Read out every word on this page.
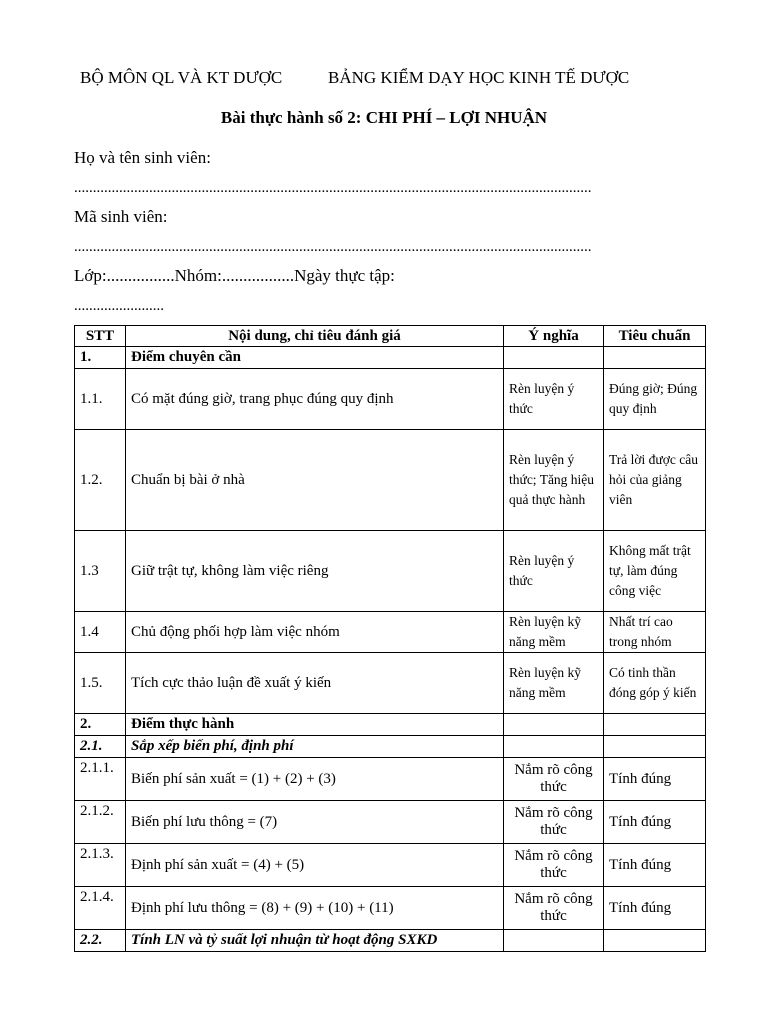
BỘ MÔN QL VÀ KT DƯỢC	BẢNG KIỂM DẠY HỌC KINH TẾ DƯỢC
Bài thực hành số 2: CHI PHÍ – LỢI NHUẬN
Họ và tên sinh viên:
..........................................................................................................................................
Mã sinh viên:
..........................................................................................................................................
Lớp:................Nhóm:.................Ngày thực tập:
........................
STT	Nội dung, chỉ tiêu đánh giá	Ý nghĩa	Tiêu chuẩn
1.	Điểm chuyên cần		
1.1.	Có mặt đúng giờ, trang phục đúng quy định	Rèn luyện ý thức	Đúng giờ; Đúng quy định
1.2.	Chuẩn bị bài ở nhà	Rèn luyện ý thức; Tăng hiệu quả thực hành	Trả lời được câu hỏi của giảng viên
1.3	Giữ trật tự, không làm việc riêng	Rèn luyện ý thức	Không mất trật tự, làm đúng công việc
1.4	Chủ động phối hợp làm việc nhóm	Rèn luyện kỹ năng mềm	Nhất trí cao trong nhóm
1.5.	Tích cực thảo luận đề xuất ý kiến	Rèn luyện kỹ năng mềm	Có tinh thần đóng góp ý kiến
2.	Điểm thực hành		
2.1.	Sắp xếp biến phí, định phí		
2.1.1.	Biến phí sản xuất = (1) + (2) + (3)	Nắm rõ công thức	Tính đúng
2.1.2.	Biến phí lưu thông = (7)	Nắm rõ công thức	Tính đúng
2.1.3.	Định phí sản xuất = (4) + (5)	Nắm rõ công thức	Tính đúng
2.1.4.	Định phí lưu thông = (8) + (9) + (10) + (11)	Nắm rõ công thức	Tính đúng
2.2.	Tính LN và tỷ suất lợi nhuận từ hoạt động SXKD		
